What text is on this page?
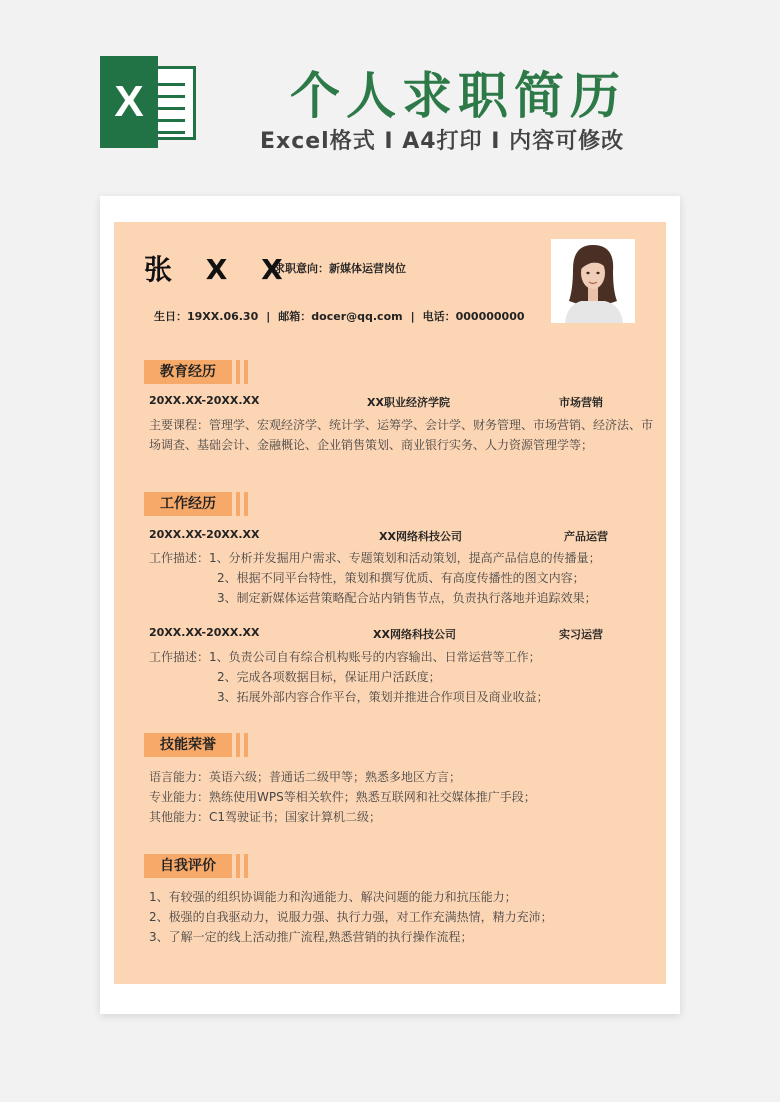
X	个人求职简历
Excel格式 I A4打印 I 内容可修改
张 X X
求职意向：新媒体运营岗位
生日：19XX.06.30 | 邮箱：docer@qq.com | 电话：000000000
教育经历
20XX.XX-20XX.XX	XX职业经济学院	市场营销
主要课程：管理学、宏观经济学、统计学、运筹学、会计学、财务管理、市场营销、经济法、市
场调查、基础会计、金融概论、企业销售策划、商业银行实务、人力资源管理学等；
工作经历
20XX.XX-20XX.XX	XX网络科技公司	产品运营
工作描述：1、分析并发掘用户需求、专题策划和活动策划，提高产品信息的传播量；
2、根据不同平台特性，策划和撰写优质、有高度传播性的图文内容；
3、制定新媒体运营策略配合站内销售节点，负责执行落地并追踪效果；
20XX.XX-20XX.XX	XX网络科技公司	实习运营
工作描述：1、负责公司自有综合机构账号的内容输出、日常运营等工作；
2、完成各项数据目标，保证用户活跃度；
3、拓展外部内容合作平台，策划并推进合作项目及商业收益；
技能荣誉
语言能力：英语六级；普通话二级甲等；熟悉多地区方言；
专业能力：熟练使用WPS等相关软件；熟悉互联网和社交媒体推广手段；
其他能力：C1驾驶证书；国家计算机二级；
自我评价
1、有较强的组织协调能力和沟通能力、解决问题的能力和抗压能力；
2、极强的自我驱动力，说服力强、执行力强，对工作充满热情，精力充沛；
3、了解一定的线上活动推广流程,熟悉营销的执行操作流程；
